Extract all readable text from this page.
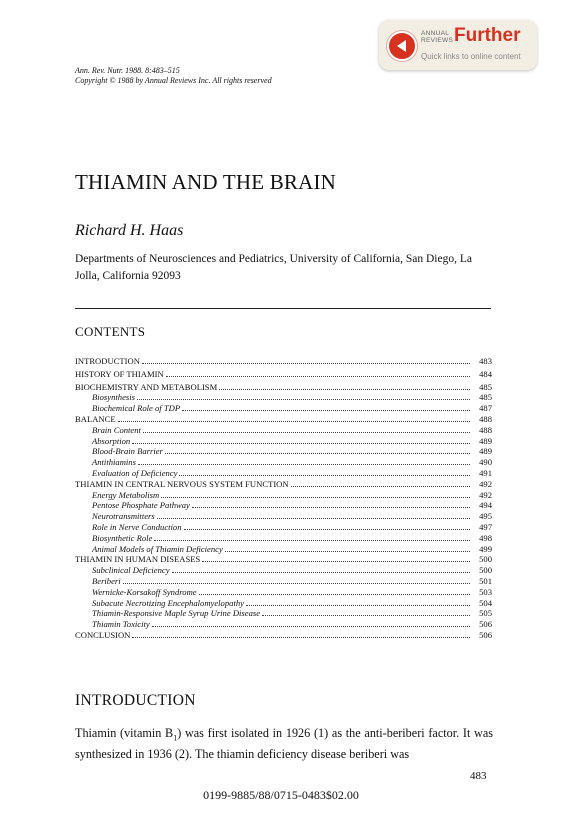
ANNUAL
REVIEWS Further
Quick links to online content
Ann. Rev. Nutr. 1988. 8:483–515
Copyright © 1988 by Annual Reviews Inc. All rights reserved
THIAMIN AND THE BRAIN
Richard H. Haas
Departments of Neurosciences and Pediatrics, University of California, San Diego, La Jolla, California 92093
CONTENTS
INTRODUCTION	483
HISTORY OF THIAMIN	484
BIOCHEMISTRY AND METABOLISM	485
Biosynthesis	485
Biochemical Role of TDP	487
BALANCE	488
Brain Content	488
Absorption	489
Blood-Brain Barrier	489
Antithiamins	490
Evaluation of Deficiency	491
THIAMIN IN CENTRAL NERVOUS SYSTEM FUNCTION	492
Energy Metabolism	492
Pentose Phosphate Pathway	494
Neurotransmitters	495
Role in Nerve Conduction	497
Biosynthetic Role	498
Animal Models of Thiamin Deficiency	499
THIAMIN IN HUMAN DISEASES	500
Subclinical Deficiency	500
Beriberi	501
Wernicke-Korsakoff Syndrome	503
Subacute Necrotizing Encephalomyelopathy	504
Thiamin-Responsive Maple Syrup Urine Disease	505
Thiamin Toxicity	506
CONCLUSION	506
INTRODUCTION
Thiamin (vitamin $B_1$) was first isolated in 1926 (1) as the anti-beriberi factor. It was synthesized in 1936 (2). The thiamin deficiency disease beriberi was
483
0199-9885/88/0715-0483$02.00
